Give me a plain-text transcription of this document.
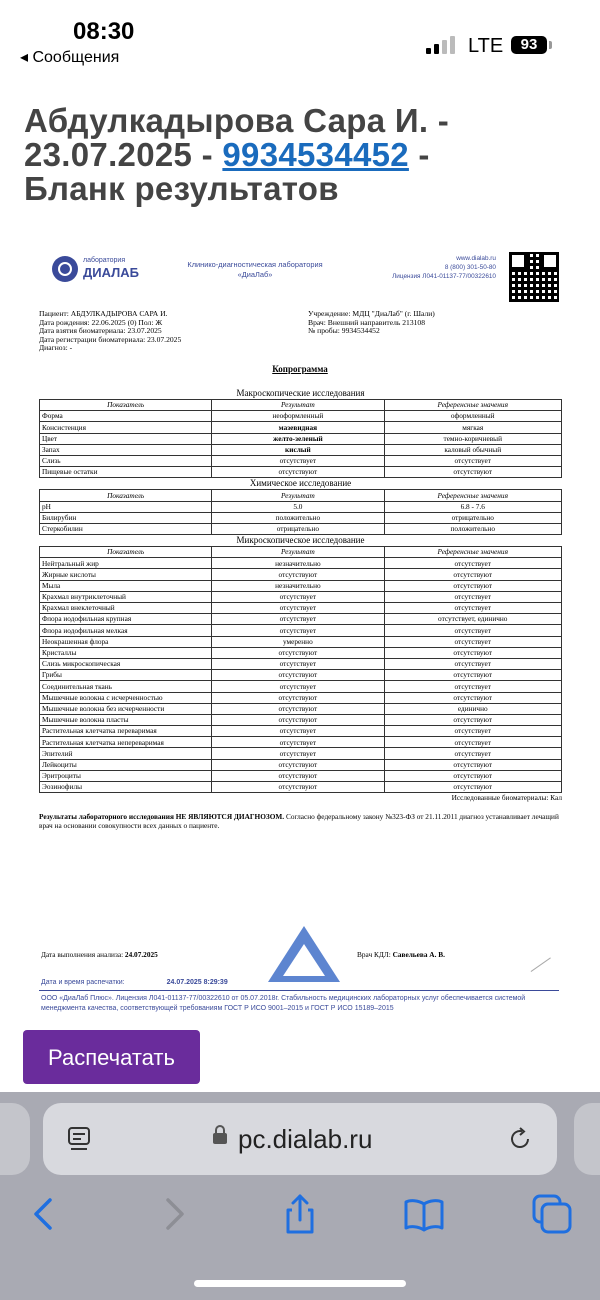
08:30
◂ Сообщения
LTE	93
Абдулкадырова Сара И. -
23.07.2025 - 9934534452 -
Бланк результатов
лаборатория
ДИАЛАБ
Клинико-диагностическая лаборатория
«ДиаЛаб»
www.dialab.ru
8 (800) 301-50-80
Лицензия Л041-01137-77/00322610
Пациент: АБДУЛКАДЫРОВА САРА И.
Дата рождения: 22.06.2025 (0) Пол: Ж
Дата взятия биоматериала: 23.07.2025
Дата регистрации биоматериала: 23.07.2025
Диагноз: -
Учреждение: МДЦ "ДиаЛаб" (г. Шали)
Врач: Внешний направитель 213108
№ пробы: 9934534452
Копрограмма
Макроскопические исследования
Показатель	Результат	Референсные значения
Форма	неоформленный	оформленный
Консистенция	мазевидная	мягкая
Цвет	желто-зеленый	темно-коричневый
Запах	кислый	каловый обычный
Слизь	отсутствует	отсутствует
Пищевые остатки	отсутствуют	отсутствуют
Химическое исследование
Показатель	Результат	Референсные значения
pH	5.0	6.8 - 7.6
Билирубин	положительно	отрицательно
Стеркобилин	отрицательно	положительно
Микроскопическое исследование
Показатель	Результат	Референсные значения
Нейтральный жир	незначительно	отсутствует
Жирные кислоты	отсутствуют	отсутствуют
Мыла	незначительно	отсутствуют
Крахмал внутриклеточный	отсутствует	отсутствует
Крахмал внеклеточный	отсутствует	отсутствует
Флора иодофильная крупная	отсутствует	отсутствует, единично
Флора иодофильная мелкая	отсутствует	отсутствует
Неокрашенная флора	умеренно	отсутствует
Кристаллы	отсутствуют	отсутствуют
Слизь микроскопическая	отсутствует	отсутствует
Грибы	отсутствуют	отсутствуют
Соединительная ткань	отсутствует	отсутствует
Мышечные волокна с исчерченностью	отсутствуют	отсутствуют
Мышечные волокна без исчерченности	отсутствуют	единично
Мышечные волокна пласты	отсутствуют	отсутствуют
Растительная клетчатка переваримая	отсутствует	отсутствует
Растительная клетчатка непереваримая	отсутствует	отсутствует
Эпителий	отсутствует	отсутствует
Лейкоциты	отсутствуют	отсутствуют
Эритроциты	отсутствуют	отсутствуют
Эозинофилы	отсутствуют	отсутствуют
Исследованные биоматериалы: Кал
Результаты лабораторного исследования НЕ ЯВЛЯЮТСЯ ДИАГНОЗОМ. Согласно федеральному закону №323-ФЗ от 21.11.2011 диагноз устанавливает лечащий врач на основании совокупности всех данных о пациенте.
Дата выполнения анализа: 24.07.2025	Врач КДЛ: Савельева А. В.
Дата и время распечатки:	24.07.2025 8:29:39
ООО «ДиаЛаб Плюс». Лицензия Л041-01137-77/00322610 от 05.07.2018г. Стабильность медицинских лабораторных услуг обеспечивается системой менеджмента качества, соответствующей требованиям ГОСТ Р ИСО 9001–2015 и ГОСТ Р ИСО 15189–2015
Распечатать
pc.dialab.ru
